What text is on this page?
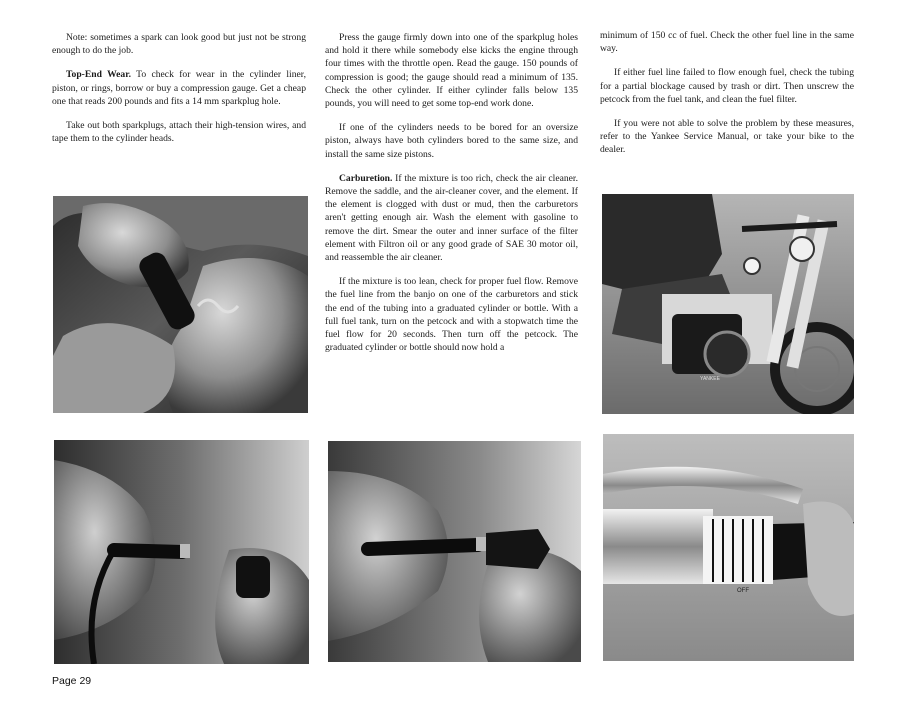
Note: sometimes a spark can look good but just not be strong enough to do the job.

Top-End Wear. To check for wear in the cylinder liner, piston, or rings, borrow or buy a compression gauge. Get a cheap one that reads 200 pounds and fits a 14 mm sparkplug hole.

Take out both sparkplugs, attach their high-tension wires, and tape them to the cylinder heads.

Press the gauge firmly down into one of the sparkplug holes and hold it there while somebody else kicks the engine through four times with the throttle open. Read the gauge. 150 pounds of compression is good; the gauge should read a minimum of 135. Check the other cylinder. If either cylinder falls below 135 pounds, you will need to get some top-end work done.

If one of the cylinders needs to be bored for an oversize piston, always have both cylinders bored to the same size, and install the same size pistons.

Carburetion. If the mixture is too rich, check the air cleaner. Remove the saddle, and the air-cleaner cover, and the element. If the element is clogged with dust or mud, then the carburetors aren't getting enough air. Wash the element with gasoline to remove the dirt. Smear the outer and inner surface of the filter element with Filtron oil or any good grade of SAE 30 motor oil, and reassemble the air cleaner.

If the mixture is too lean, check for proper fuel flow. Remove the fuel line from the banjo on one of the carburetors and stick the end of the tubing into a graduated cylinder or bottle. With a full fuel tank, turn on the petcock and with a stopwatch time the fuel flow for 20 seconds. Then turn off the petcock. The graduated cylinder or bottle should now hold a

minimum of 150 cc of fuel. Check the other fuel line in the same way.

If either fuel line failed to flow enough fuel, check the tubing for a partial blockage caused by trash or dirt. Then unscrew the petcock from the fuel tank, and clean the fuel filter.

If you were not able to solve the problem by these measures, refer to the Yankee Service Manual, or take your bike to the dealer.

YANKEE
OFF
Page 29
